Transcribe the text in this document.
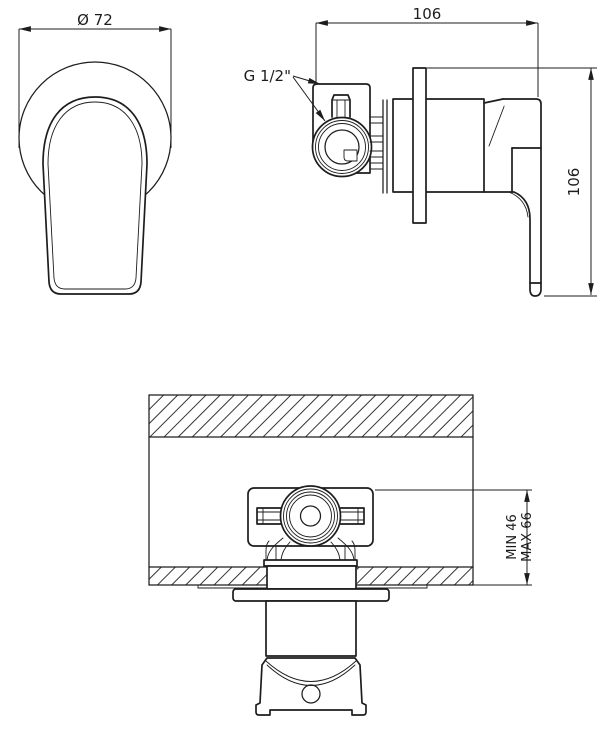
Ø 72	106
106
G 1/2"
MIN 46 MAX 66
